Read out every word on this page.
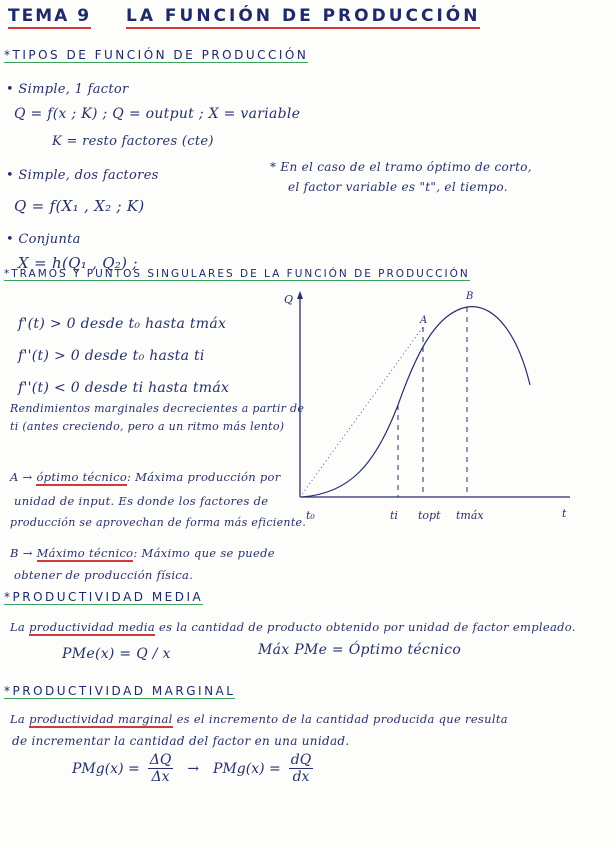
TEMA 9 LA FUNCIÓN DE PRODUCCIÓN
*TIPOS DE FUNCIÓN DE PRODUCCIÓN
• Simple, 1 factor
Q = f(x ; K) ; Q = output ; X = variable
K = resto factores (cte)
• Simple, dos factores
* En el caso de el tramo óptimo de corto,
el factor variable es "t", el tiempo.
Q = f(X₁ , X₂ ; K)
• Conjunta
X = h(Q₁ , Q₂) ;
*TRAMOS Y PUNTOS SINGULARES DE LA FUNCIÓN DE PRODUCCIÓN
f'(t) > 0 desde t₀ hasta tmáx
f''(t) > 0 desde t₀ hasta ti
f''(t) < 0 desde ti hasta tmáx
Rendimientos marginales decrecientes a partir de
ti (antes creciendo, pero a un ritmo más lento)
A → óptimo técnico: Máxima producción por
unidad de input. Es donde los factores de
producción se aprovechan de forma más eficiente.
B → Máximo técnico: Máximo que se puede
obtener de producción física.
Q
A
B
t₀	ti topt tmáx	t
*PRODUCTIVIDAD MEDIA
La productividad media es la cantidad de producto obtenido por unidad de factor empleado.
PMe(x) = Q / x	Máx PMe = Óptimo técnico
*PRODUCTIVIDAD MARGINAL
La productividad marginal es el incremento de la cantidad producida que resulta
de incrementar la cantidad del factor en una unidad.
$PMg(x) = \frac{\Delta Q}{\Delta x} \to PMg(x) = \frac{dQ}{dx}$
